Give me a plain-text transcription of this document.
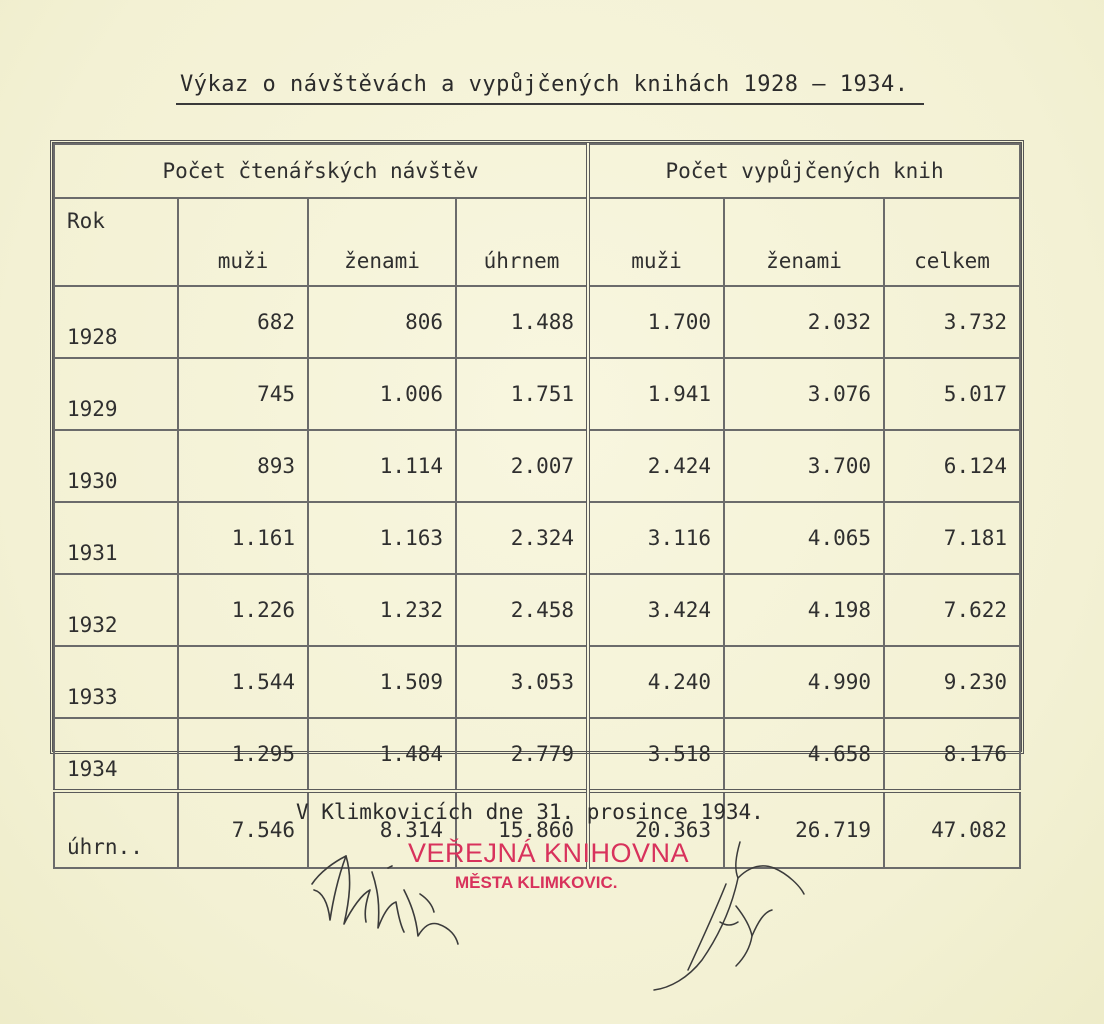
Výkaz o návštěvách a vypůjčených knihách 1928 – 1934.
Počet čtenářských návštěv				Počet vypůjčených knih		
Rok	muži	ženami	úhrnem	muži	ženami	celkem
1928	682	806	1.488	1.700	2.032	3.732
1929	745	1.006	1.751	1.941	3.076	5.017
1930	893	1.114	2.007	2.424	3.700	6.124
1931	1.161	1.163	2.324	3.116	4.065	7.181
1932	1.226	1.232	2.458	3.424	4.198	7.622
1933	1.544	1.509	3.053	4.240	4.990	9.230
1934	1.295	1.484	2.779	3.518	4.658	8.176
úhrn..	7.546	8.314	15.860	20.363	26.719	47.082
V Klimkovicích dne 31. prosince 1934.
VEŘEJNÁ KNIHOVNA
MĚSTA KLIMKOVIC.
